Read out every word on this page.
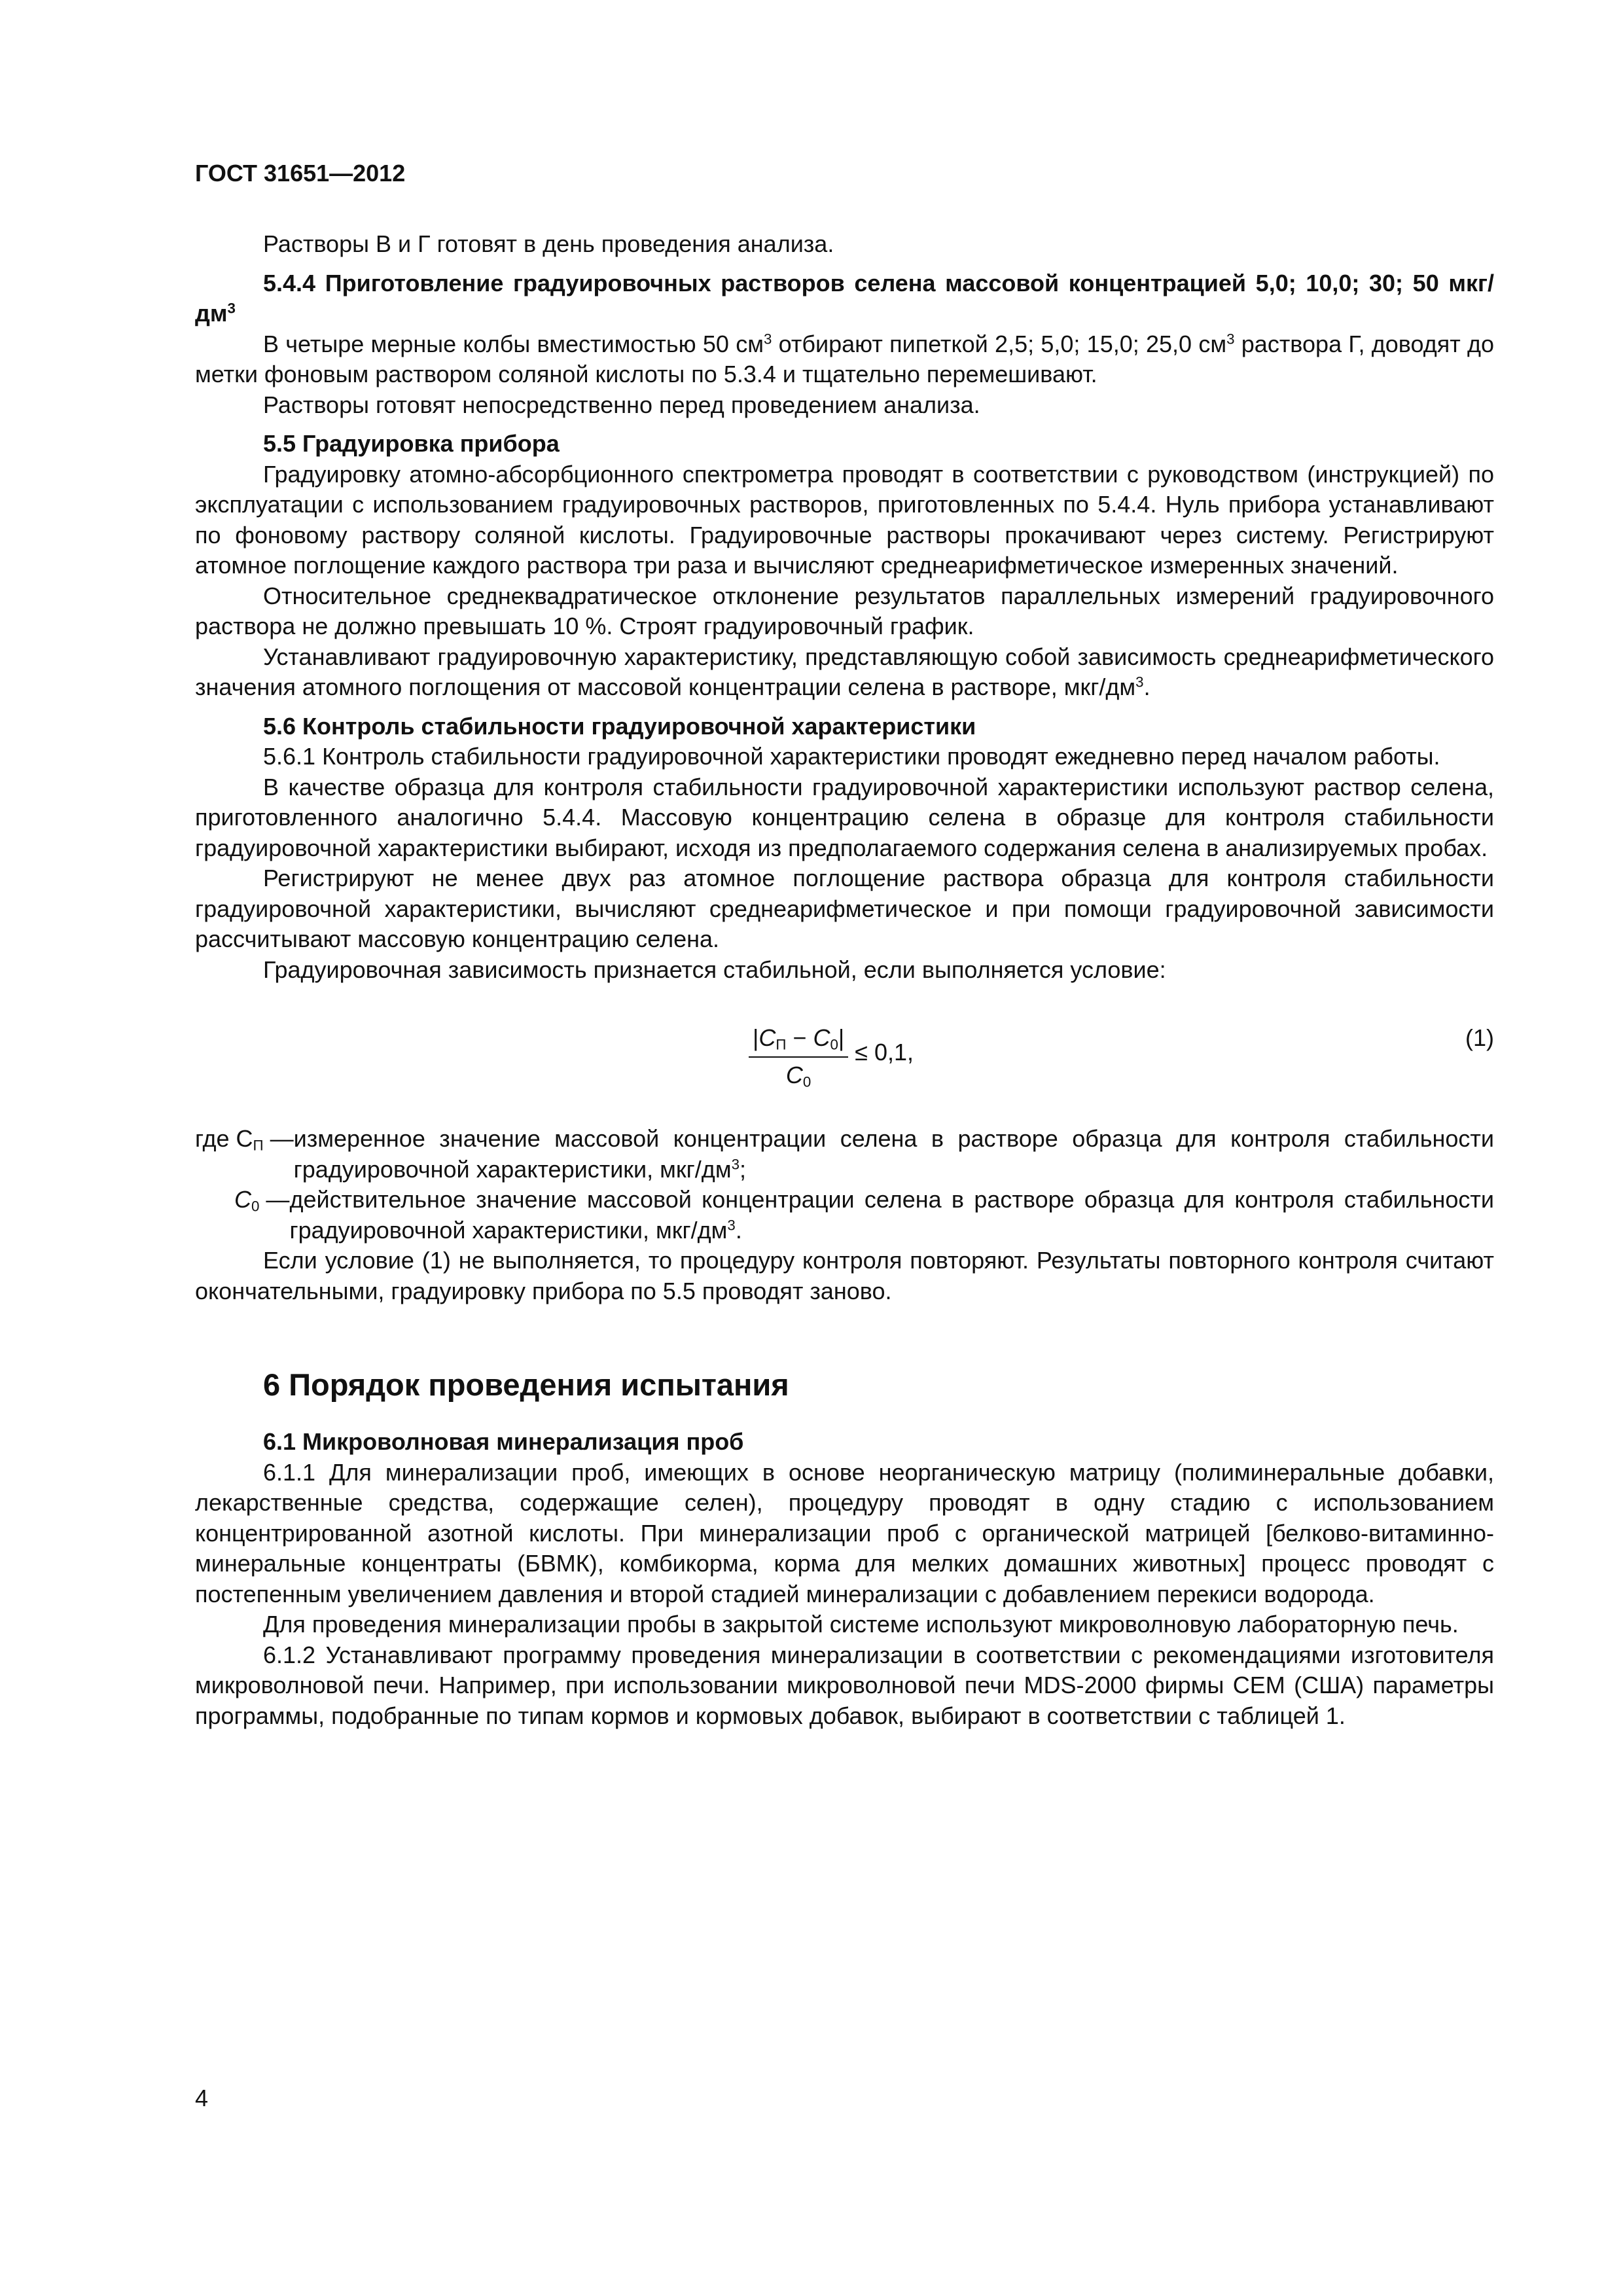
ГОСТ 31651—2012

Растворы В и Г готовят в день проведения анализа.

5.4.4 Приготовление градуировочных растворов селена массовой концентрацией 5,0; 10,0; 30; 50 мкг/$дм^3$

В четыре мерные колбы вместимостью 50 $см^3$ отбирают пипеткой 2,5; 5,0; 15,0; 25,0 $см^3$ раствора Г, доводят до метки фоновым раствором соляной кислоты по 5.3.4 и тщательно перемешивают.

Растворы готовят непосредственно перед проведением анализа.

5.5 Градуировка прибора

Градуировку атомно-абсорбционного спектрометра проводят в соответствии с руководством (инструкцией) по эксплуатации с использованием градуировочных растворов, приготовленных по 5.4.4. Нуль прибора устанавливают по фоновому раствору соляной кислоты. Градуировочные растворы прокачивают через систему. Регистрируют атомное поглощение каждого раствора три раза и вычисляют среднеарифметическое измеренных значений.

Относительное среднеквадратическое отклонение результатов параллельных измерений градуировочного раствора не должно превышать 10 %. Строят градуировочный график.

Устанавливают градуировочную характеристику, представляющую собой зависимость среднеарифметического значения атомного поглощения от массовой концентрации селена в растворе, мкг/$дм^3$.

5.6 Контроль стабильности градуировочной характеристики

5.6.1 Контроль стабильности градуировочной характеристики проводят ежедневно перед началом работы.

В качестве образца для контроля стабильности градуировочной характеристики используют раствор селена, приготовленного аналогично 5.4.4. Массовую концентрацию селена в образце для контроля стабильности градуировочной характеристики выбирают, исходя из предполагаемого содержания селена в анализируемых пробах.

Регистрируют не менее двух раз атомное поглощение раствора образца для контроля стабильности градуировочной характеристики, вычисляют среднеарифметическое и при помощи градуировочной зависимости рассчитывают массовую концентрацию селена.

Градуировочная зависимость признается стабильной, если выполняется условие:

$|C_П - C_0|$
$C_0$
≤ 0,1,
(1)
где $C_П$ — измеренное значение массовой концентрации селена в растворе образца для контроля стабильности градуировочной характеристики, мкг/$дм^3$;
$C_0$ — действительное значение массовой концентрации селена в растворе образца для контроля стабильности градуировочной характеристики, мкг/$дм^3$.

Если условие (1) не выполняется, то процедуру контроля повторяют. Результаты повторного контроля считают окончательными, градуировку прибора по 5.5 проводят заново.

6 Порядок проведения испытания

6.1 Микроволновая минерализация проб

6.1.1 Для минерализации проб, имеющих в основе неорганическую матрицу (полиминеральные добавки, лекарственные средства, содержащие селен), процедуру проводят в одну стадию с использованием концентрированной азотной кислоты. При минерализации проб с органической матрицей [белково-витаминно-минеральные концентраты (БВМК), комбикорма, корма для мелких домашних животных] процесс проводят с постепенным увеличением давления и второй стадией минерализации с добавлением перекиси водорода.

Для проведения минерализации пробы в закрытой системе используют микроволновую лабораторную печь.

6.1.2 Устанавливают программу проведения минерализации в соответствии с рекомендациями изготовителя микроволновой печи. Например, при использовании микроволновой печи MDS-2000 фирмы CEM (США) параметры программы, подобранные по типам кормов и кормовых добавок, выбирают в соответствии с таблицей 1.

4
